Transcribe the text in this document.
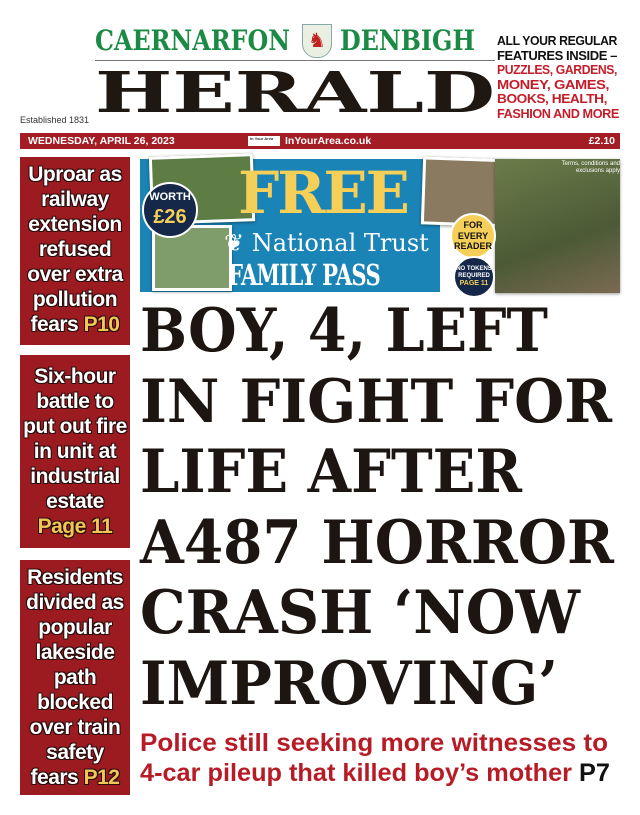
CAERNARFON DENBIGH
♞
HERALD
Established 1831
ALL YOUR REGULAR
FEATURES INSIDE –
PUZZLES, GARDENS,
MONEY, GAMES,
BOOKS, HEALTH,
FASHION AND MORE
WEDNESDAY, APRIL 26, 2023	In Your Area	InYourArea.co.uk	£2.10
Uproar as
railway
extension
refused
over extra
pollution
fears P10
Six-hour
battle to
put out fire
in unit at
industrial
estate
Page 11
Residents
divided as
popular
lakeside
path
blocked
over train
safety
fears P12
FREE
❦ National Trust
FAMILY PASS
WORTH
£26	FOR
EVERY
READER
NO TOKENS
REQUIRED
PAGE 11
Terms, conditions and exclusions apply
BOY, 4, LEFT
IN FIGHT FOR
LIFE AFTER
A487 HORROR
CRASH ‘NOW
IMPROVING’
Police still seeking more witnesses to
4-car pileup that killed boy’s mother P7
